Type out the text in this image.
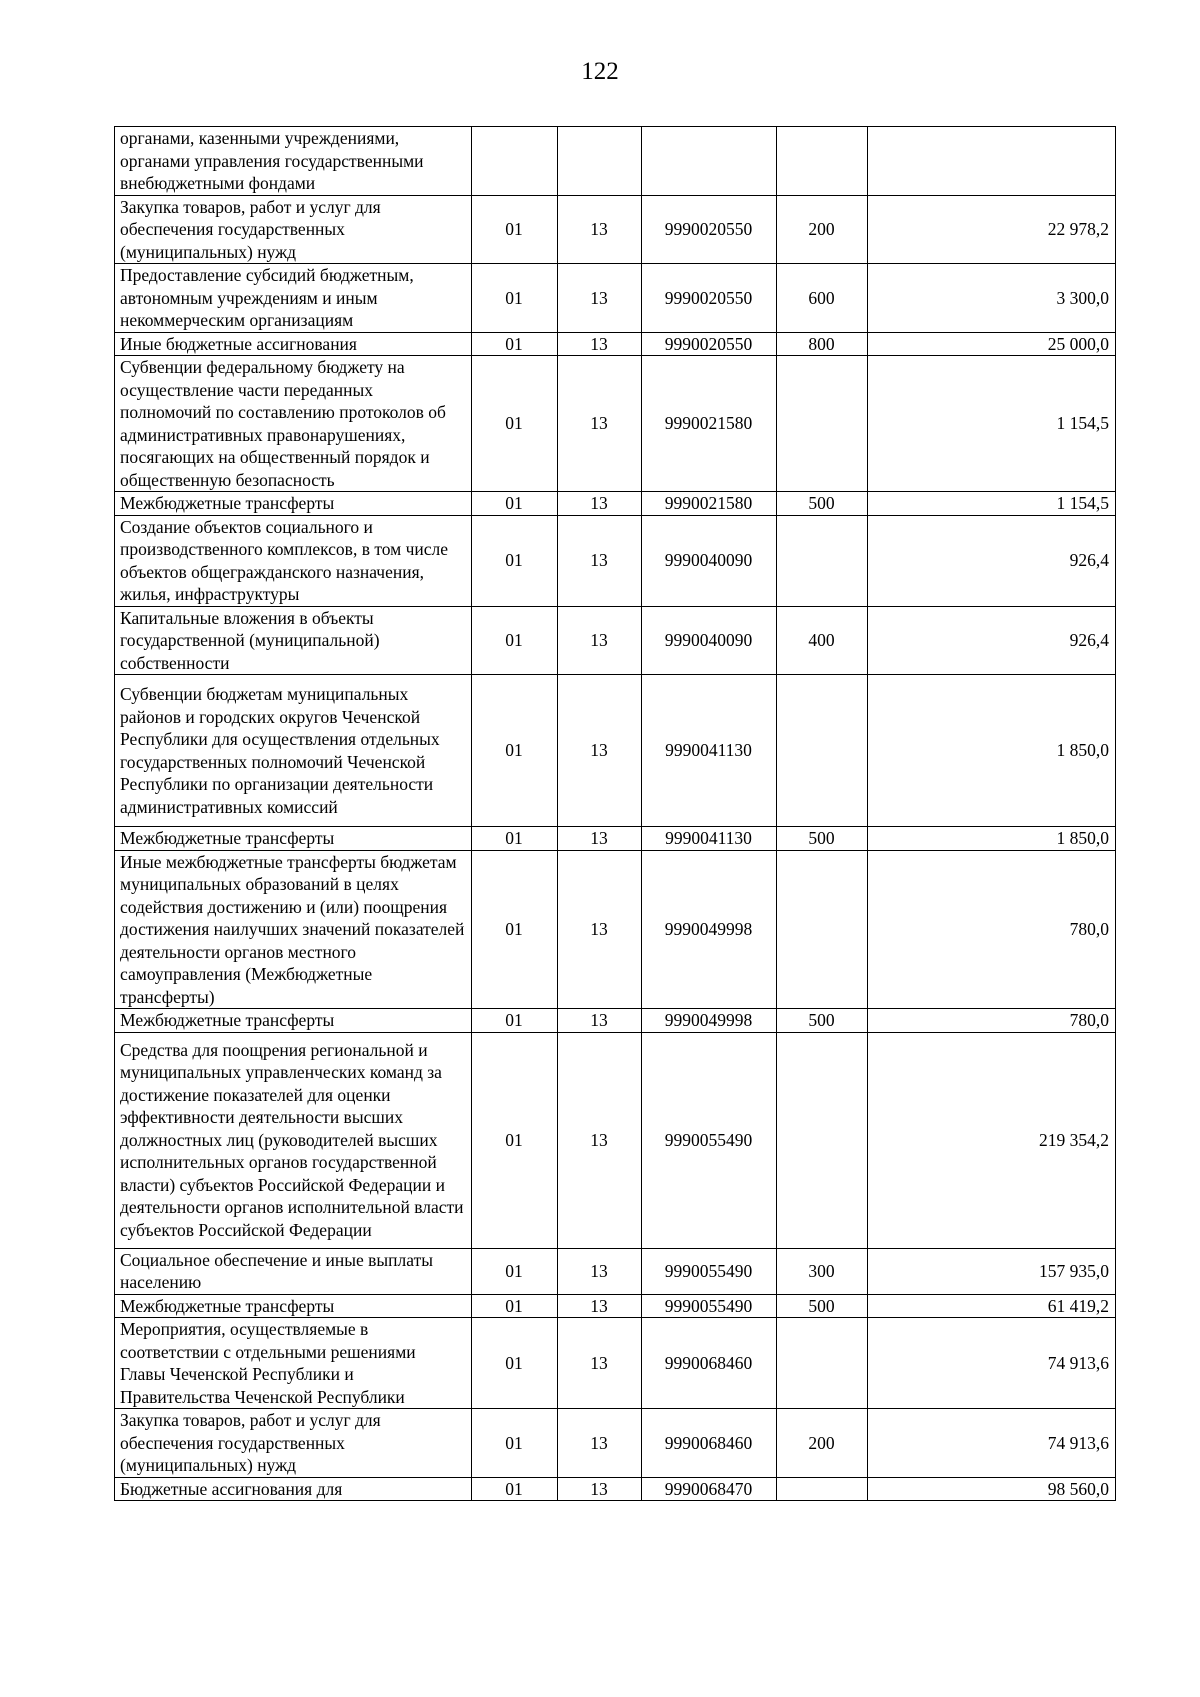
122
органами, казенными учреждениями, органами управления государственными внебюджетными фондами					
Закупка товаров, работ и услуг для обеспечения государственных (муниципальных) нужд	01	13	9990020550	200	22 978,2
Предоставление субсидий бюджетным, автономным учреждениям и иным некоммерческим организациям	01	13	9990020550	600	3 300,0
Иные бюджетные ассигнования	01	13	9990020550	800	25 000,0
Субвенции федеральному бюджету на осуществление части переданных полномочий по составлению протоколов об административных правонарушениях, посягающих на общественный порядок и общественную безопасность	01	13	9990021580		1 154,5
Межбюджетные трансферты	01	13	9990021580	500	1 154,5
Создание объектов социального и производственного комплексов, в том числе объектов общегражданского назначения, жилья, инфраструктуры	01	13	9990040090		926,4
Капитальные вложения в объекты государственной (муниципальной) собственности	01	13	9990040090	400	926,4
Субвенции бюджетам муниципальных районов и городских округов Чеченской Республики для осуществления отдельных государственных полномочий Чеченской Республики по организации деятельности административных комиссий	01	13	9990041130		1 850,0
Межбюджетные трансферты	01	13	9990041130	500	1 850,0
Иные межбюджетные трансферты бюджетам муниципальных образований в целях содействия достижению и (или) поощрения достижения наилучших значений показателей деятельности органов местного самоуправления (Межбюджетные трансферты)	01	13	9990049998		780,0
Межбюджетные трансферты	01	13	9990049998	500	780,0
Средства для поощрения региональной и муниципальных управленческих команд за достижение показателей для оценки эффективности деятельности высших должностных лиц (руководителей высших исполнительных органов государственной власти) субъектов Российской Федерации и деятельности органов исполнительной власти субъектов Российской Федерации	01	13	9990055490		219 354,2
Социальное обеспечение и иные выплаты населению	01	13	9990055490	300	157 935,0
Межбюджетные трансферты	01	13	9990055490	500	61 419,2
Мероприятия, осуществляемые в соответствии с отдельными решениями Главы Чеченской Республики и Правительства Чеченской Республики	01	13	9990068460		74 913,6
Закупка товаров, работ и услуг для обеспечения государственных (муниципальных) нужд	01	13	9990068460	200	74 913,6
Бюджетные ассигнования для	01	13	9990068470		98 560,0
